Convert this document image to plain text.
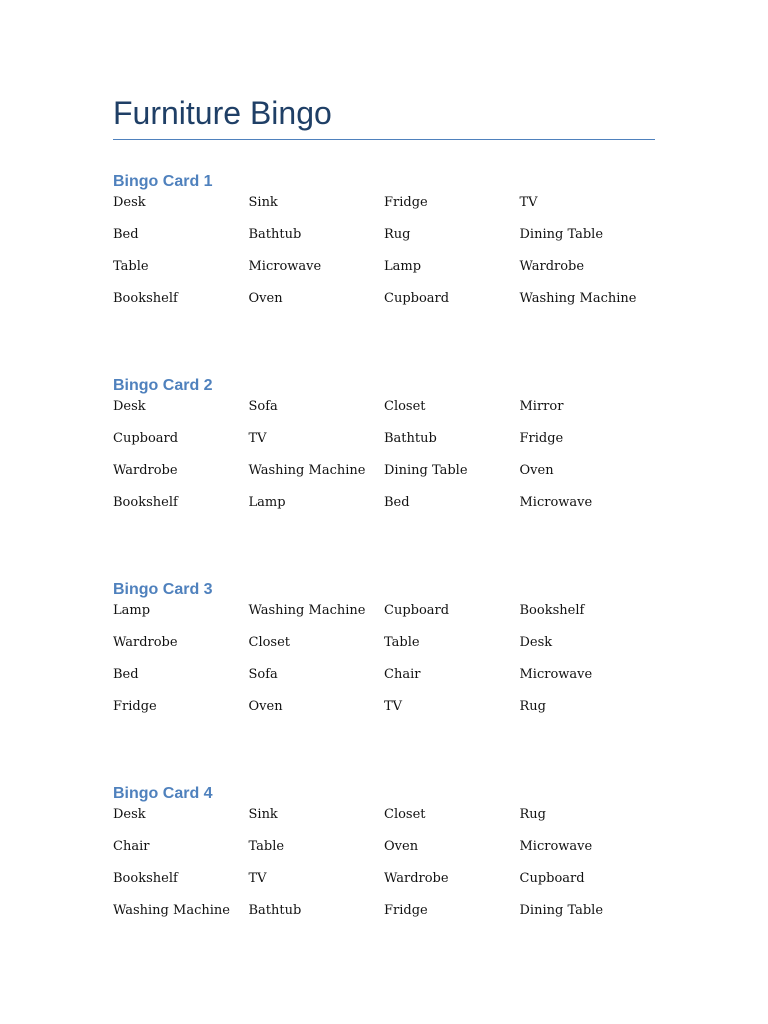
Furniture Bingo
Bingo Card 1
Desk	Sink	Fridge	TV
Bed	Bathtub	Rug	Dining Table
Table	Microwave	Lamp	Wardrobe
Bookshelf	Oven	Cupboard	Washing Machine
Bingo Card 2
Desk	Sofa	Closet	Mirror
Cupboard	TV	Bathtub	Fridge
Wardrobe	Washing Machine	Dining Table	Oven
Bookshelf	Lamp	Bed	Microwave
Bingo Card 3
Lamp	Washing Machine	Cupboard	Bookshelf
Wardrobe	Closet	Table	Desk
Bed	Sofa	Chair	Microwave
Fridge	Oven	TV	Rug
Bingo Card 4
Desk	Sink	Closet	Rug
Chair	Table	Oven	Microwave
Bookshelf	TV	Wardrobe	Cupboard
Washing Machine	Bathtub	Fridge	Dining Table
